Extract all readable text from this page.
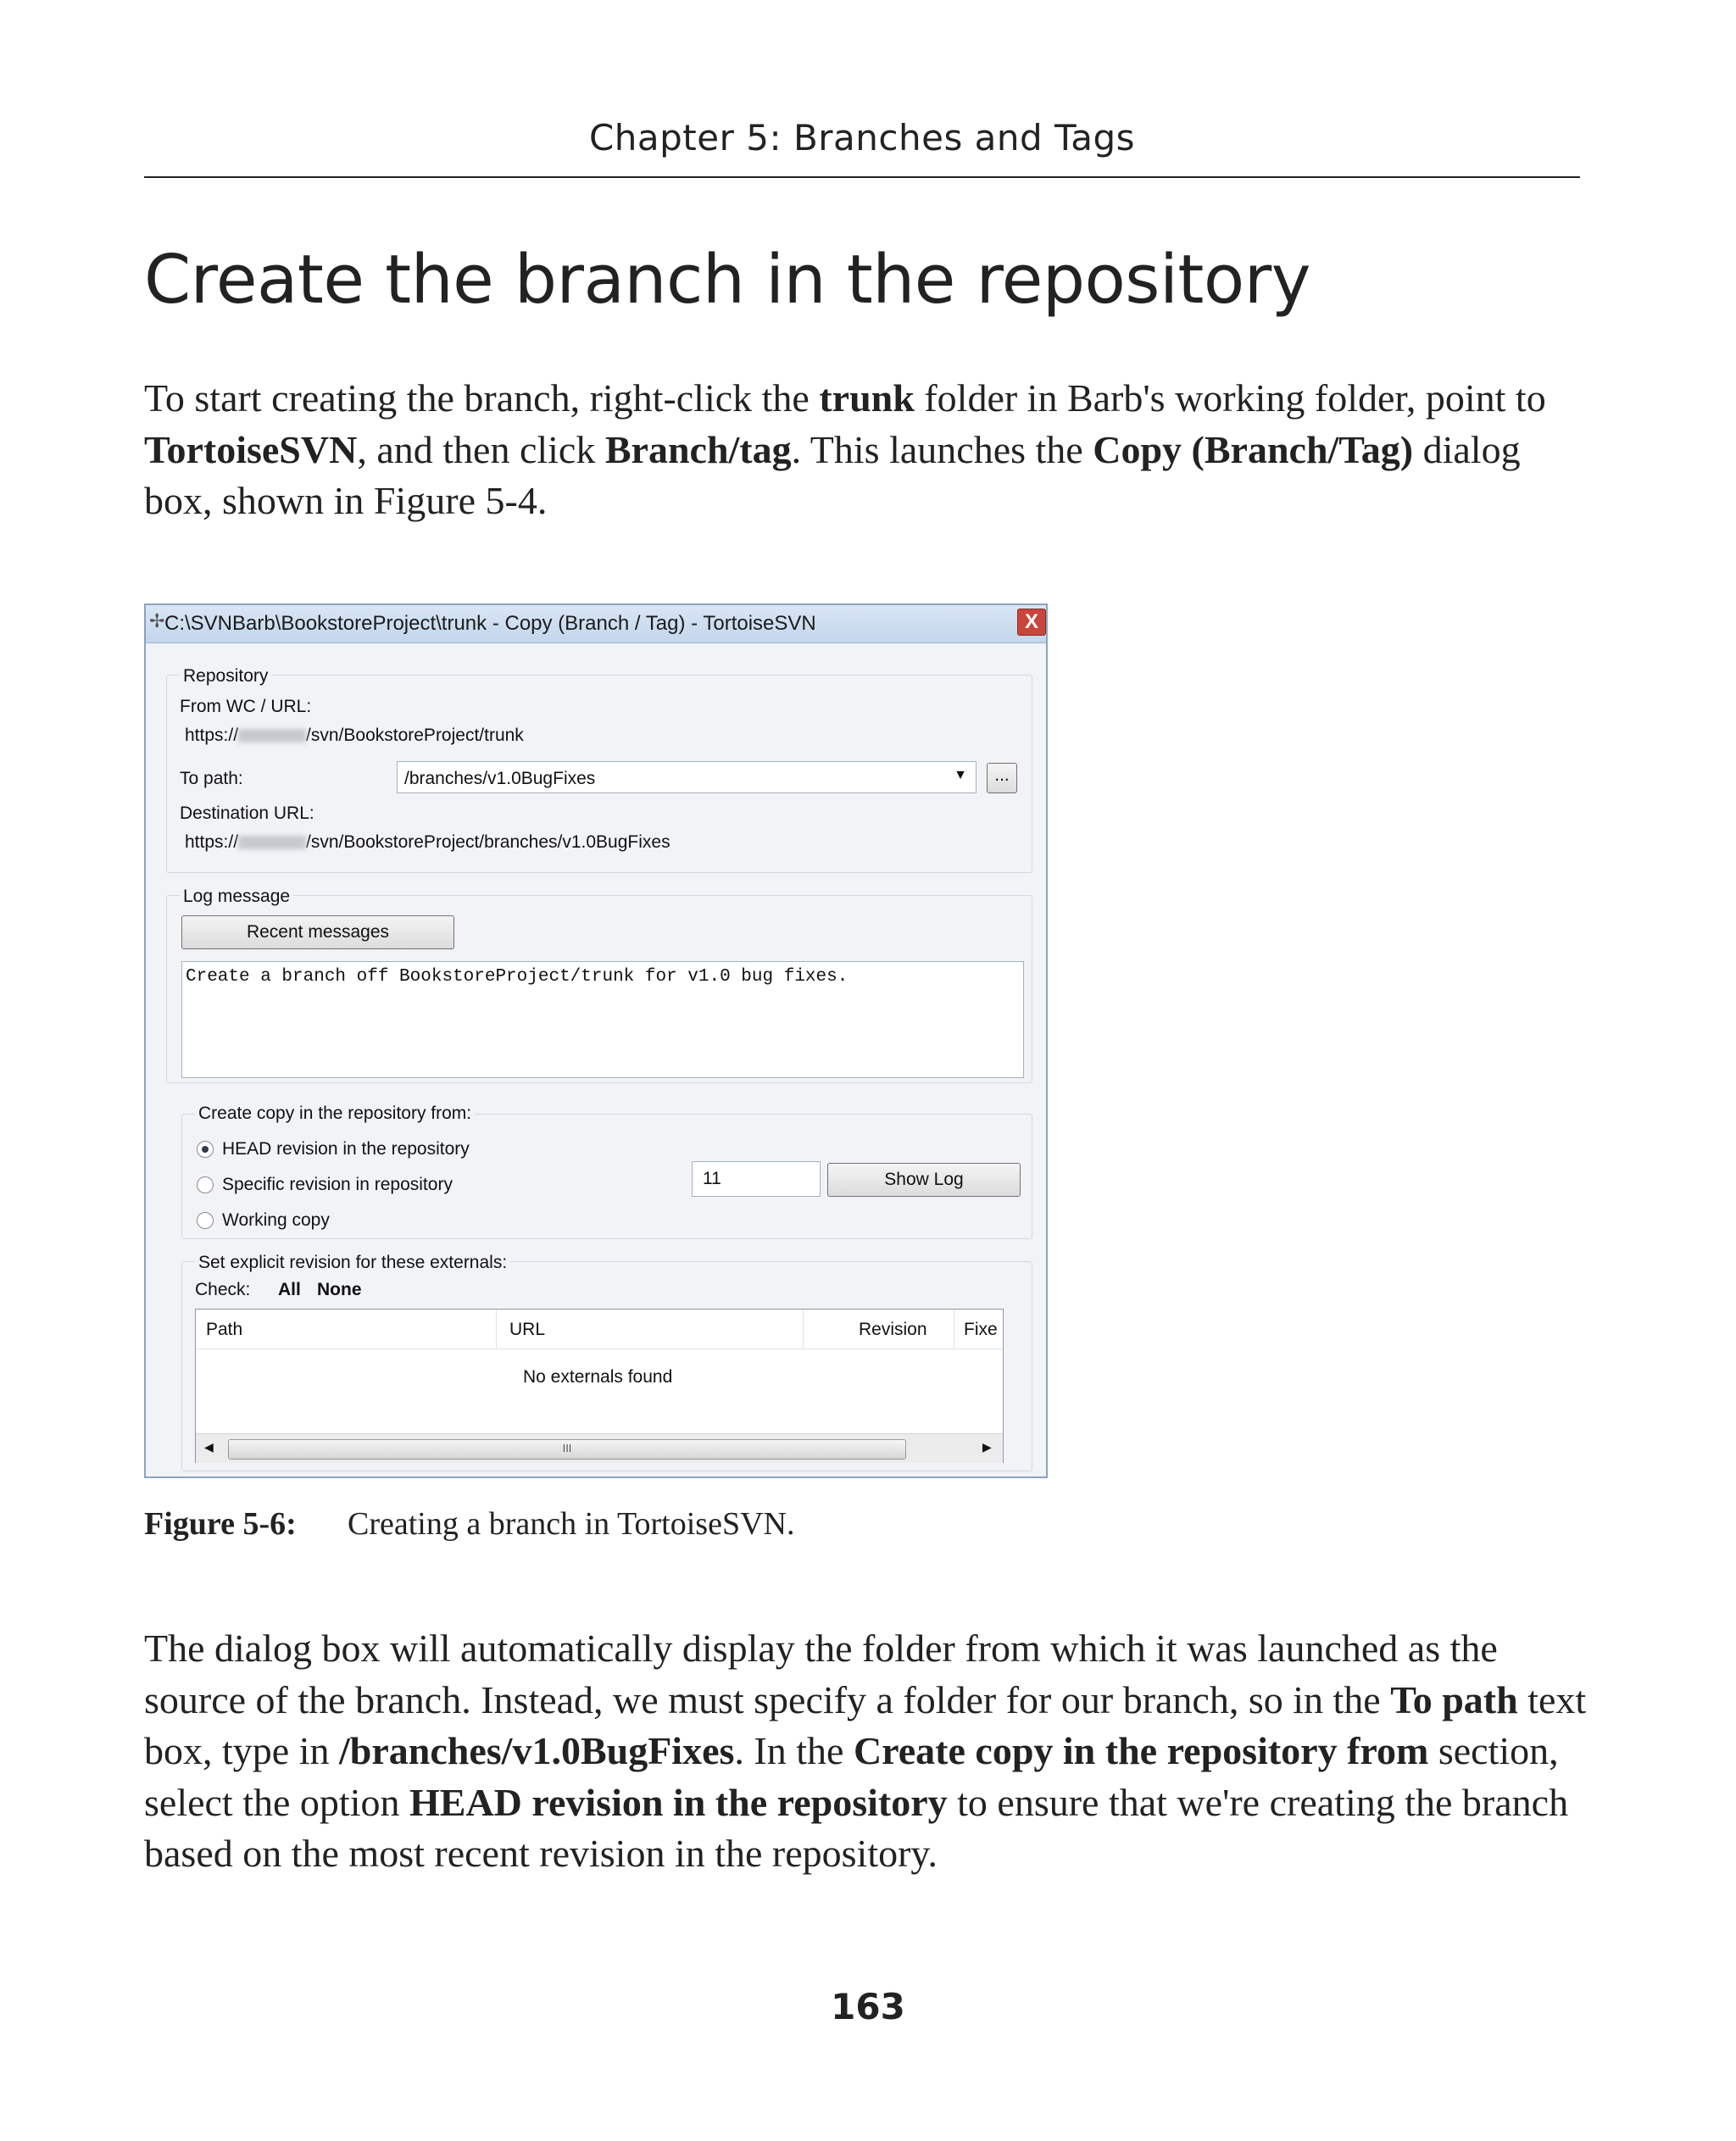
Chapter 5: Branches and Tags
Create the branch in the repository
To start creating the branch, right-click the trunk folder in Barb's working folder, point to TortoiseSVN, and then click Branch/tag. This launches the Copy (Branch/Tag) dialog box, shown in Figure 5-4.
✢ C:\SVNBarb\BookstoreProject\trunk - Copy (Branch / Tag) - TortoiseSVN	X
Repository
From WC / URL:
https://	/svn/BookstoreProject/trunk
To path:	/branches/v1.0BugFixes	▼	...
Destination URL:
https://	/svn/BookstoreProject/branches/v1.0BugFixes
Log message
Recent messages
Create a branch off BookstoreProject/trunk for v1.0 bug fixes.
Create copy in the repository from:
HEAD revision in the repository
Specific revision in repository	11	Show Log
Working copy
Set explicit revision for these externals:
Check: All None
Path	URL	Revision Fixe
No externals found
◀	III	▶
Figure 5-6: Creating a branch in TortoiseSVN.
The dialog box will automatically display the folder from which it was launched as the source of the branch. Instead, we must specify a folder for our branch, so in the To path text box, type in /branches/v1.0BugFixes. In the Create copy in the repository from section, select the option HEAD revision in the repository to ensure that we're creating the branch based on the most recent revision in the repository.
163
